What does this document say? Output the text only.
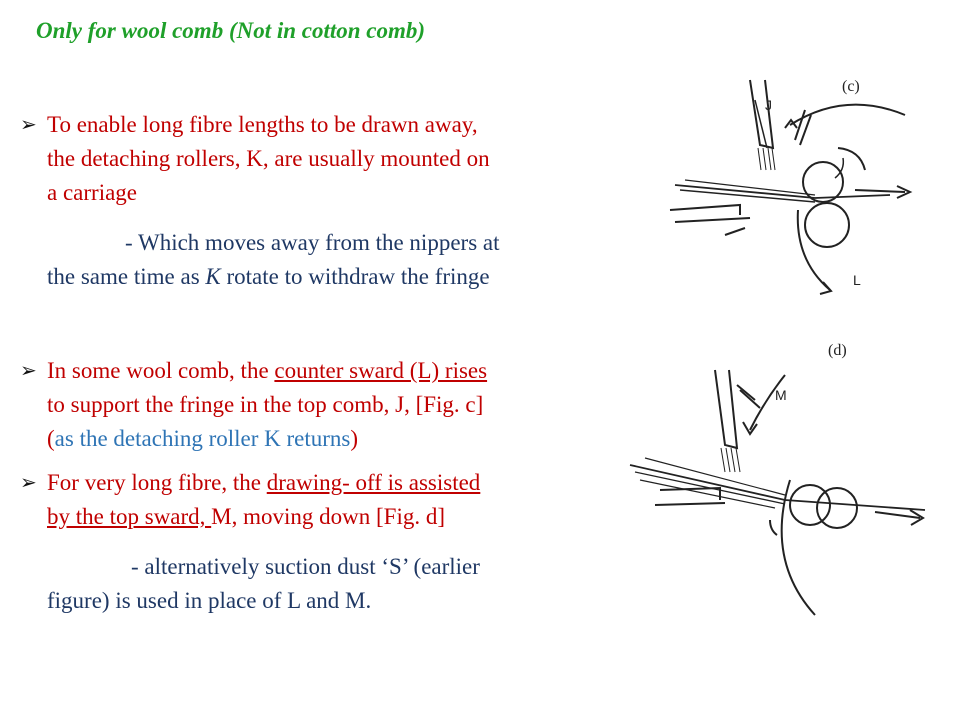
Only for wool comb (Not in cotton comb)
➢ To enable long fibre lengths to be drawn away,
the detaching rollers, K, are usually mounted on
a carriage
- Which moves away from the nippers at
the same time as K rotate to withdraw the fringe
➢ In some wool comb, the counter sward (L) rises
to support the fringe in the top comb, J, [Fig. c]
(as the detaching roller K returns)
➢ For very long fibre, the drawing- off is assisted
by the top sward, M, moving down [Fig. d]
- alternatively suction dust ‘S’ (earlier
figure) is used in place of L and M.
(c)
J
L
(d)
M
